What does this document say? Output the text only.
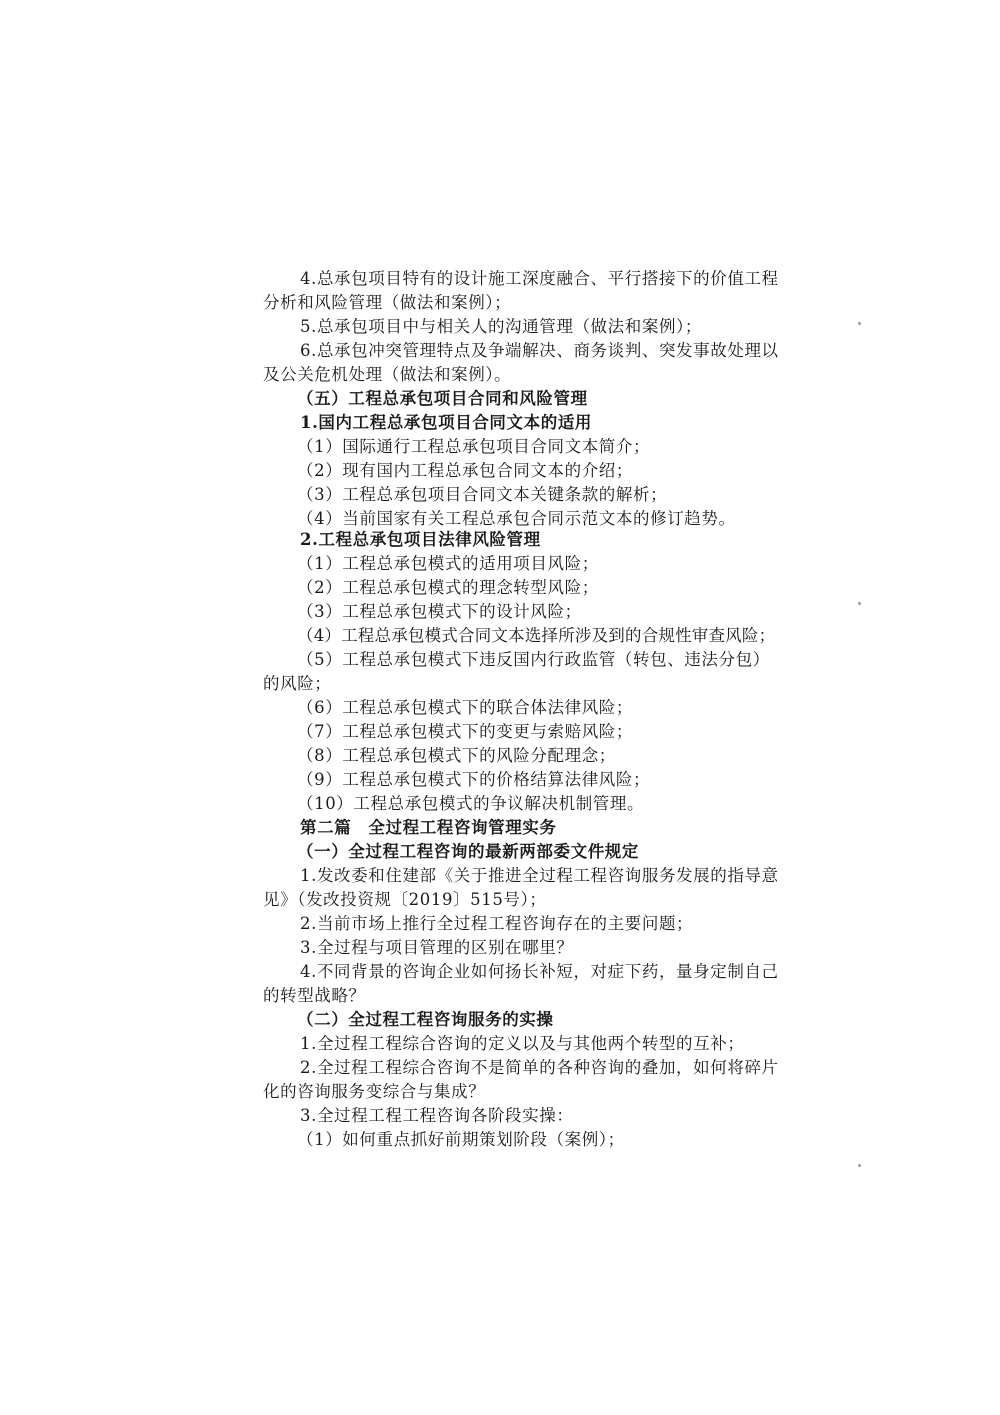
4.总承包项目特有的设计施工深度融合、平行搭接下的价值工程
分析和风险管理（做法和案例）；
5.总承包项目中与相关人的沟通管理（做法和案例）；
6.总承包冲突管理特点及争端解决、商务谈判、突发事故处理以
及公关危机处理（做法和案例）。
（五）工程总承包项目合同和风险管理
1.国内工程总承包项目合同文本的适用
（1）国际通行工程总承包项目合同文本简介；
（2）现有国内工程总承包合同文本的介绍；
（3）工程总承包项目合同文本关键条款的解析；
（4）当前国家有关工程总承包合同示范文本的修订趋势。
2.工程总承包项目法律风险管理
（1）工程总承包模式的适用项目风险；
（2）工程总承包模式的理念转型风险；
（3）工程总承包模式下的设计风险；
（4）工程总承包模式合同文本选择所涉及到的合规性审查风险；
（5）工程总承包模式下违反国内行政监管（转包、违法分包）
的风险；
（6）工程总承包模式下的联合体法律风险；
（7）工程总承包模式下的变更与索赔风险；
（8）工程总承包模式下的风险分配理念；
（9）工程总承包模式下的价格结算法律风险；
（10）工程总承包模式的争议解决机制管理。
第二篇　全过程工程咨询管理实务
（一）全过程工程咨询的最新两部委文件规定
1.发改委和住建部《关于推进全过程工程咨询服务发展的指导意
见》（发改投资规〔2019〕515号）；
2.当前市场上推行全过程工程咨询存在的主要问题；
3.全过程与项目管理的区别在哪里？
4.不同背景的咨询企业如何扬长补短，对症下药，量身定制自己
的转型战略？
（二）全过程工程咨询服务的实操
1.全过程工程综合咨询的定义以及与其他两个转型的互补；
2.全过程工程综合咨询不是简单的各种咨询的叠加，如何将碎片
化的咨询服务变综合与集成？
3.全过程工程工程咨询各阶段实操：
（1）如何重点抓好前期策划阶段（案例）；
